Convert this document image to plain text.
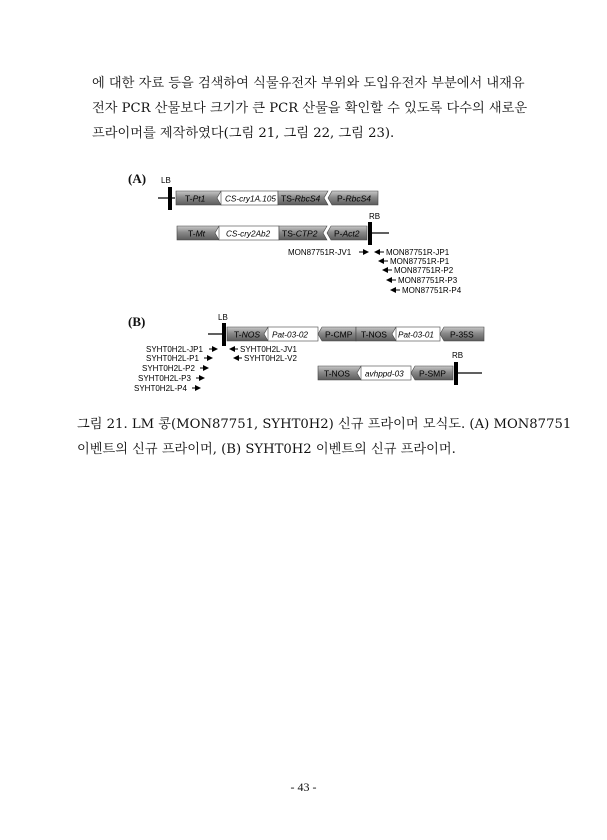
에 대한 자료 등을 검색하여 식물유전자 부위와 도입유전자 부분에서 내재유
전자 PCR 산물보다 크기가 큰 PCR 산물을 확인할 수 있도록 다수의 새로운
프라이머를 제작하였다(그림 21, 그림 22, 그림 23).
(A)
(B)
LB
T-Pt1 CS-cry1A.105 TS-RbcS4 P-RbcS4
T-Mt	CS-cry2Ab2 TS-CTP2 P-Act2
RB
MON87751R-JV1	MON87751R-JP1
MON87751R-P1
MON87751R-P2
MON87751R-P3
MON87751R-P4
LB
T-NOS Pat-03-02 P-CMP T-NOS Pat-03-01 P-35S
T-NOS avhppd-03 P-SMP
RB
SYHT0H2L-JP1
SYHT0H2L-P1
SYHT0H2L-P2
SYHT0H2L-P3
SYHT0H2L-P4
SYHT0H2L-JV1
SYHT0H2L-V2
그림 21. LM 콩(MON87751, SYHT0H2) 신규 프라이머 모식도. (A) MON87751
이벤트의 신규 프라이머, (B) SYHT0H2 이벤트의 신규 프라이머.
- 43 -
